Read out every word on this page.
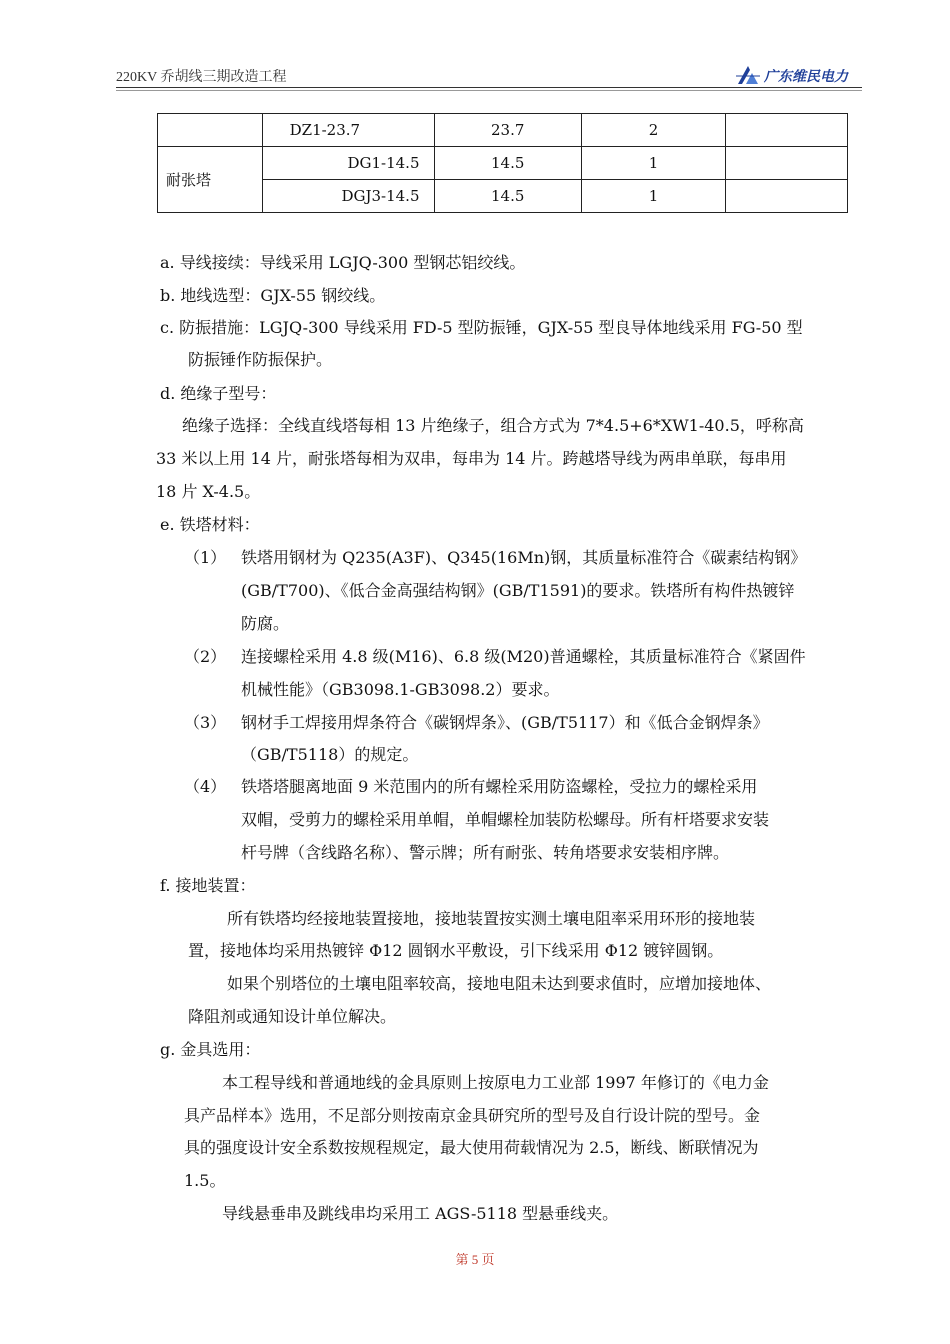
220KV 乔胡线三期改造工程	广东维民电力
	DZ1-23.7	23.7	2	
耐张塔	DG1-14.5	14.5	1	
	DGJ3-14.5	14.5	1	
a. 导线接续：导线采用 LGJQ-300 型钢芯铝绞线。
b. 地线选型：GJX-55 钢绞线。
c. 防振措施：LGJQ-300 导线采用 FD-5 型防振锤，GJX-55 型良导体地线采用 FG-50 型
防振锤作防振保护。
d. 绝缘子型号：
绝缘子选择：全线直线塔每相 13 片绝缘子，组合方式为 7*4.5+6*XW1-40.5，呼称高
33 米以上用 14 片，耐张塔每相为双串，每串为 14 片。跨越塔导线为两串单联，每串用
18 片 X-4.5。
e. 铁塔材料：
（1） 铁塔用钢材为 Q235(A3F)、Q345(16Mn)钢，其质量标准符合《碳素结构钢》
(GB/T700)、《低合金高强结构钢》(GB/T1591)的要求。铁塔所有构件热镀锌
防腐。
（2） 连接螺栓采用 4.8 级(M16)、6.8 级(M20)普通螺栓，其质量标准符合《紧固件
机械性能》（GB3098.1-GB3098.2）要求。
（3） 钢材手工焊接用焊条符合《碳钢焊条》、(GB/T5117）和《低合金钢焊条》
（GB/T5118）的规定。
（4） 铁塔塔腿离地面 9 米范围内的所有螺栓采用防盗螺栓，受拉力的螺栓采用
双帽，受剪力的螺栓采用单帽，单帽螺栓加装防松螺母。所有杆塔要求安装
杆号牌（含线路名称）、警示牌；所有耐张、转角塔要求安装相序牌。
f. 接地装置：
所有铁塔均经接地装置接地，接地装置按实测土壤电阻率采用环形的接地装
置，接地体均采用热镀锌 Φ12 圆钢水平敷设，引下线采用 Φ12 镀锌圆钢。
如果个别塔位的土壤电阻率较高，接地电阻未达到要求值时，应增加接地体、
降阻剂或通知设计单位解决。
g. 金具选用：
本工程导线和普通地线的金具原则上按原电力工业部 1997 年修订的《电力金
具产品样本》选用，不足部分则按南京金具研究所的型号及自行设计院的型号。金
具的强度设计安全系数按规程规定，最大使用荷载情况为 2.5，断线、断联情况为
1.5。
导线悬垂串及跳线串均采用工 AGS-5118 型悬垂线夹。
第 5 页
